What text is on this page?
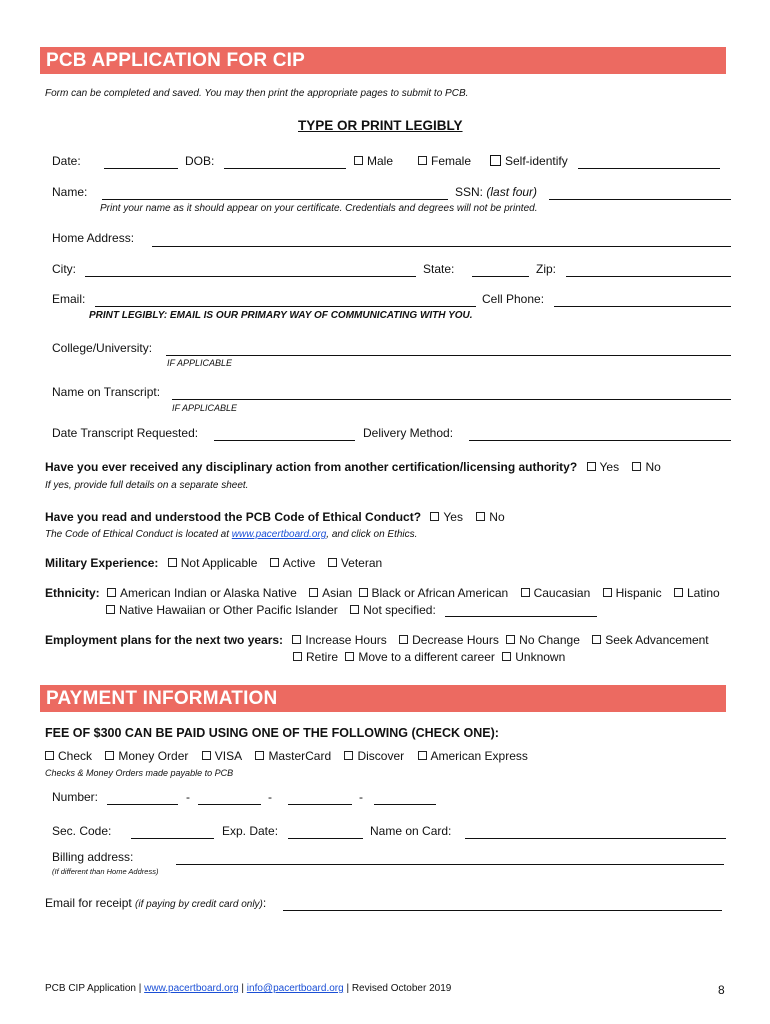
PCB APPLICATION FOR CIP
Form can be completed and saved. You may then print the appropriate pages to submit to PCB.
TYPE OR PRINT LEGIBLY
Date:	DOB:	Male	Female	Self-identify
Name:	SSN: (last four)
Print your name as it should appear on your certificate. Credentials and degrees will not be printed.
Home Address:
City:	State:	Zip:
Email:	Cell Phone:
PRINT LEGIBLY: EMAIL IS OUR PRIMARY WAY OF COMMUNICATING WITH YOU.
College/University:
IF APPLICABLE
Name on Transcript:
IF APPLICABLE
Date Transcript Requested:	Delivery Method:
Have you ever received any disciplinary action from another certification/licensing authority? Yes No
If yes, provide full details on a separate sheet.
Have you read and understood the PCB Code of Ethical Conduct? Yes No
The Code of Ethical Conduct is located at www.pacertboard.org, and click on Ethics.
Military Experience: Not Applicable Active Veteran
Ethnicity: American Indian or Alaska Native Asian Black or African American Caucasian Hispanic Latino
Native Hawaiian or Other Pacific Islander Not specified:
Employment plans for the next two years: Increase Hours Decrease Hours No Change Seek Advancement
Retire Move to a different career Unknown
PAYMENT INFORMATION
FEE OF $300 CAN BE PAID USING ONE OF THE FOLLOWING (CHECK ONE):
Check Money Order VISA MasterCard Discover American Express
Checks & Money Orders made payable to PCB
Number:	-	-	-
Sec. Code:	Exp. Date:	Name on Card:
Billing address:
(If different than Home Address)
Email for receipt (if paying by credit card only):
PCB CIP Application | www.pacertboard.org | info@pacertboard.org | Revised October 2019	8
